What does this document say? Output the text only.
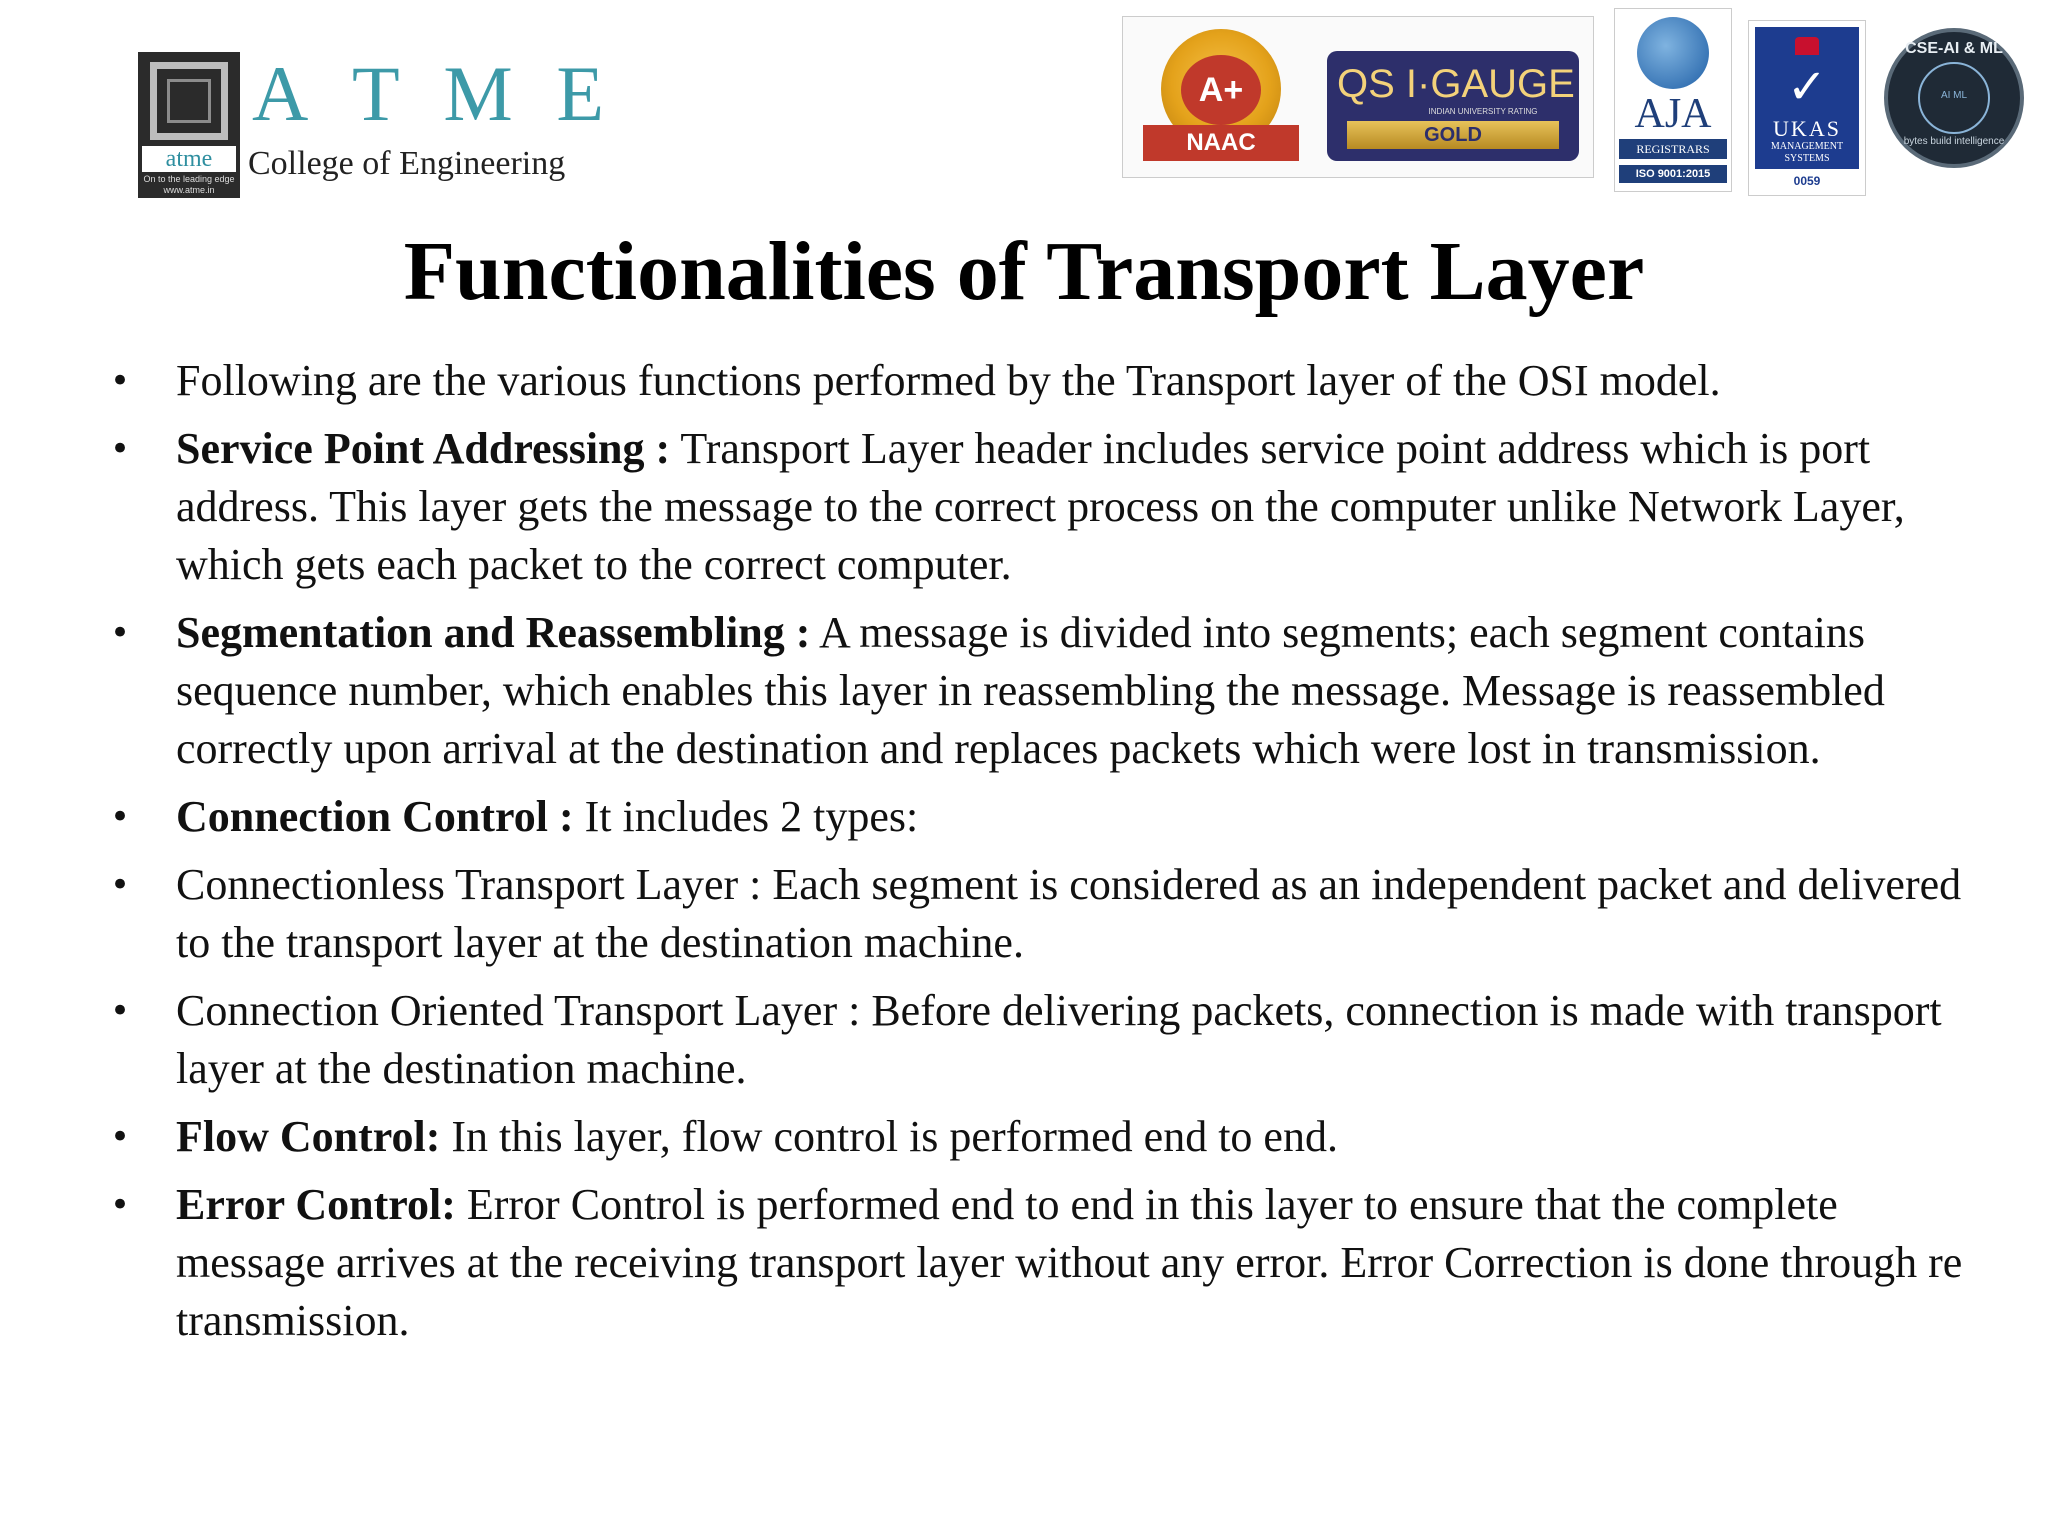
atme
On to the leading edge www.atme.in
A T M E
College of Engineering
A+
NAAC
QS I·GAUGE
INDIAN UNIVERSITY RATING
GOLD	AJA
REGISTRARS
ISO 9001:2015
✓
UKAS
MANAGEMENT SYSTEMS
0059
CSE-AI & ML
AI ML
bytes build intelligence
Functionalities of Transport Layer
• Following are the various functions performed by the Transport layer of the OSI model.
• Service Point Addressing : Transport Layer header includes service point address which is port address. This layer gets the message to the correct process on the computer unlike Network Layer, which gets each packet to the correct computer.
• Segmentation and Reassembling : A message is divided into segments; each segment contains sequence number, which enables this layer in reassembling the message. Message is reassembled correctly upon arrival at the destination and replaces packets which were lost in transmission.
• Connection Control : It includes 2 types:
• Connectionless Transport Layer : Each segment is considered as an independent packet and delivered to the transport layer at the destination machine.
• Connection Oriented Transport Layer : Before delivering packets, connection is made with transport layer at the destination machine.
• Flow Control: In this layer, flow control is performed end to end.
• Error Control: Error Control is performed end to end in this layer to ensure that the complete message arrives at the receiving transport layer without any error. Error Correction is done through re transmission.
